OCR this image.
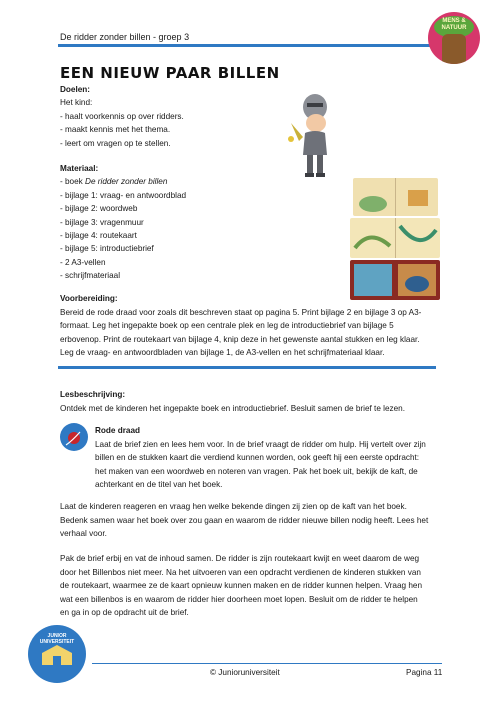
De ridder zonder billen - groep 3
MENS & NATUUR
EEN NIEUW PAAR BILLEN
Doelen:
Het kind:
- haalt voorkennis op over ridders.
- maakt kennis met het thema.
- leert om vragen op te stellen.
Materiaal:
- boek De ridder zonder billen
- bijlage 1: vraag- en antwoordblad
- bijlage 2: woordweb
- bijlage 3: vragenmuur
- bijlage 4: routekaart
- bijlage 5: introductiebrief
- 2 A3-vellen
- schrijfmateriaal
Voorbereiding:
Bereid de rode draad voor zoals dit beschreven staat op pagina 5. Print bijlage 2 en bijlage 3 op A3-
formaat. Leg het ingepakte boek op een centrale plek en leg de introductiebrief van bijlage 5
erbovenop. Print de routekaart van bijlage 4, knip deze in het gewenste aantal stukken en leg klaar.
Leg de vraag- en antwoordbladen van bijlage 1, de A3-vellen en het schrijfmateriaal klaar.
Lesbeschrijving:
Ontdek met de kinderen het ingepakte boek en introductiebrief. Besluit samen de brief te lezen.
Rode draad
Laat de brief zien en lees hem voor. In de brief vraagt de ridder om hulp. Hij vertelt over zijn
billen en de stukken kaart die verdiend kunnen worden, ook geeft hij een eerste opdracht:
het maken van een woordweb en noteren van vragen. Pak het boek uit, bekijk de kaft, de
achterkant en de titel van het boek.
Laat de kinderen reageren en vraag hen welke bekende dingen zij zien op de kaft van het boek.
Bedenk samen waar het boek over zou gaan en waarom de ridder nieuwe billen nodig heeft. Lees het
verhaal voor.
Pak de brief erbij en vat de inhoud samen. De ridder is zijn routekaart kwijt en weet daarom de weg
door het Billenbos niet meer. Na het uitvoeren van een opdracht verdienen de kinderen stukken van
de routekaart, waarmee ze de kaart opnieuw kunnen maken en de ridder kunnen helpen. Vraag hen
wat een billenbos is en waarom de ridder hier doorheen moet lopen. Besluit om de ridder te helpen
en ga in op de opdracht uit de brief.
JUNIOR UNIVERSITEIT
© Junioruniversiteit	Pagina 11
